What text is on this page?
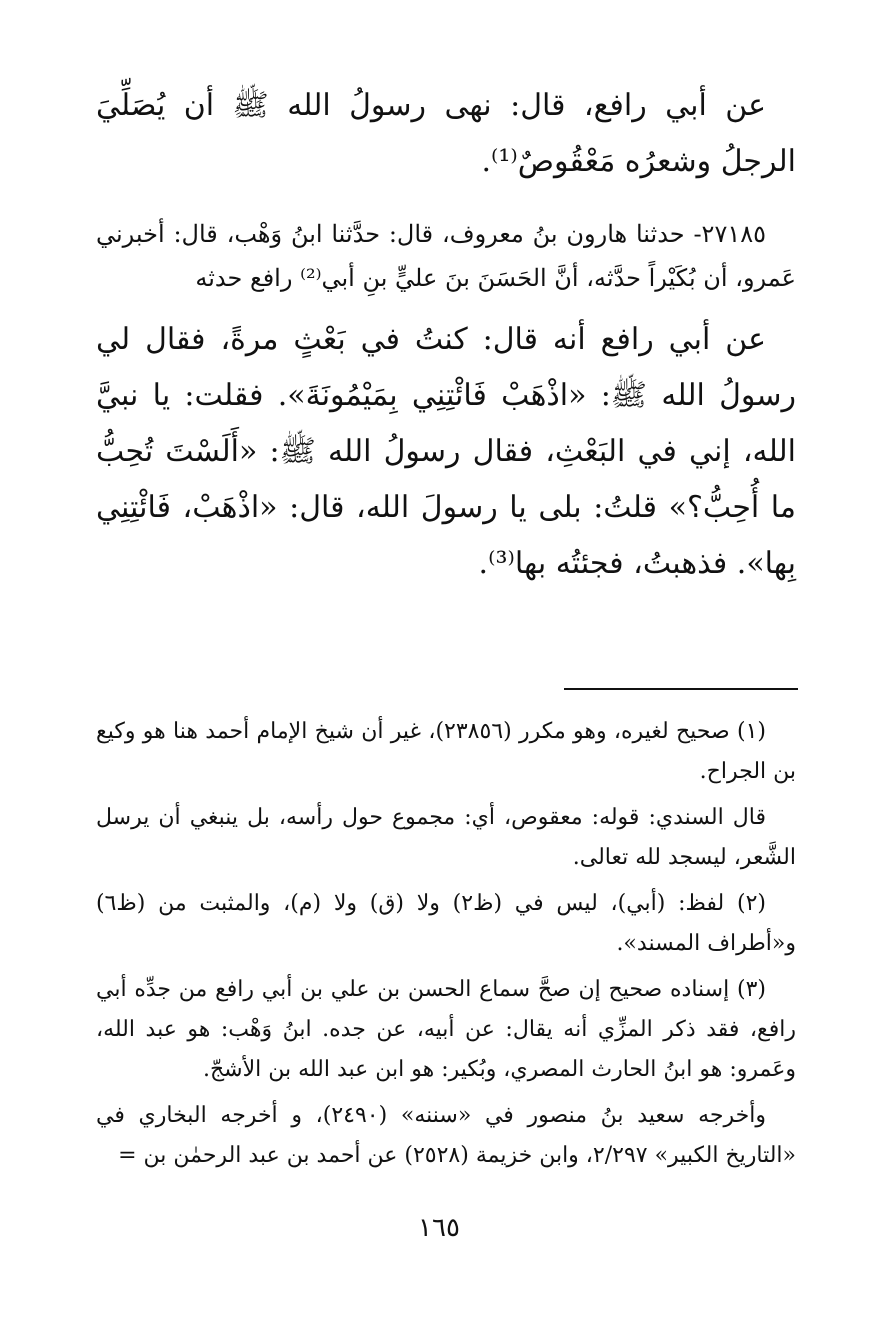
عن أبي رافع، قال: نهى رسولُ الله ﷺ أن يُصَلِّيَ الرجلُ وشعرُه مَعْقُوصٌ⁽¹⁾.

٢٧١٨٥- حدثنا هارون بنُ معروف، قال: حدَّثنا ابنُ وَهْب، قال: أخبرني عَمرو، أن بُكَيْراً حدَّثه، أنَّ الحَسَنَ بنَ عليٍّ بنِ أبي⁽²⁾ رافع حدثه

عن أبي رافع أنه قال: كنتُ في بَعْثٍ مرةً، فقال لي رسولُ الله ﷺ: «اذْهَبْ فَائْتِنِي بِمَيْمُونَةَ». فقلت: يا نبيَّ الله، إني في البَعْثِ، فقال رسولُ الله ﷺ: «أَلَسْتَ تُحِبُّ ما أُحِبُّ؟» قلتُ: بلى يا رسولَ الله، قال: «اذْهَبْ، فَائْتِنِي بِها». فذهبتُ، فجئتُه بها⁽³⁾.

(١) صحيح لغيره، وهو مكرر (٢٣٨٥٦)، غير أن شيخ الإمام أحمد هنا هو وكيع بن الجراح.

قال السندي: قوله: معقوص، أي: مجموع حول رأسه، بل ينبغي أن يرسل الشَّعر، ليسجد لله تعالى.

(٢) لفظ: (أبي)، ليس في (ظ٢) ولا (ق) ولا (م)، والمثبت من (ظ٦) و«أطراف المسند».

(٣) إسناده صحيح إن صحَّ سماع الحسن بن علي بن أبي رافع من جدِّه أبي رافع، فقد ذكر المزِّي أنه يقال: عن أبيه، عن جده. ابنُ وَهْب: هو عبد الله، وعَمرو: هو ابنُ الحارث المصري، وبُكير: هو ابن عبد الله بن الأشجّ.

وأخرجه سعيد بنُ منصور في «سننه» (٢٤٩٠)، و أخرجه البخاري في «التاريخ الكبير» ٢/٢٩٧، وابن خزيمة (٢٥٢٨) عن أحمد بن عبد الرحمٰن بن =

١٦٥
